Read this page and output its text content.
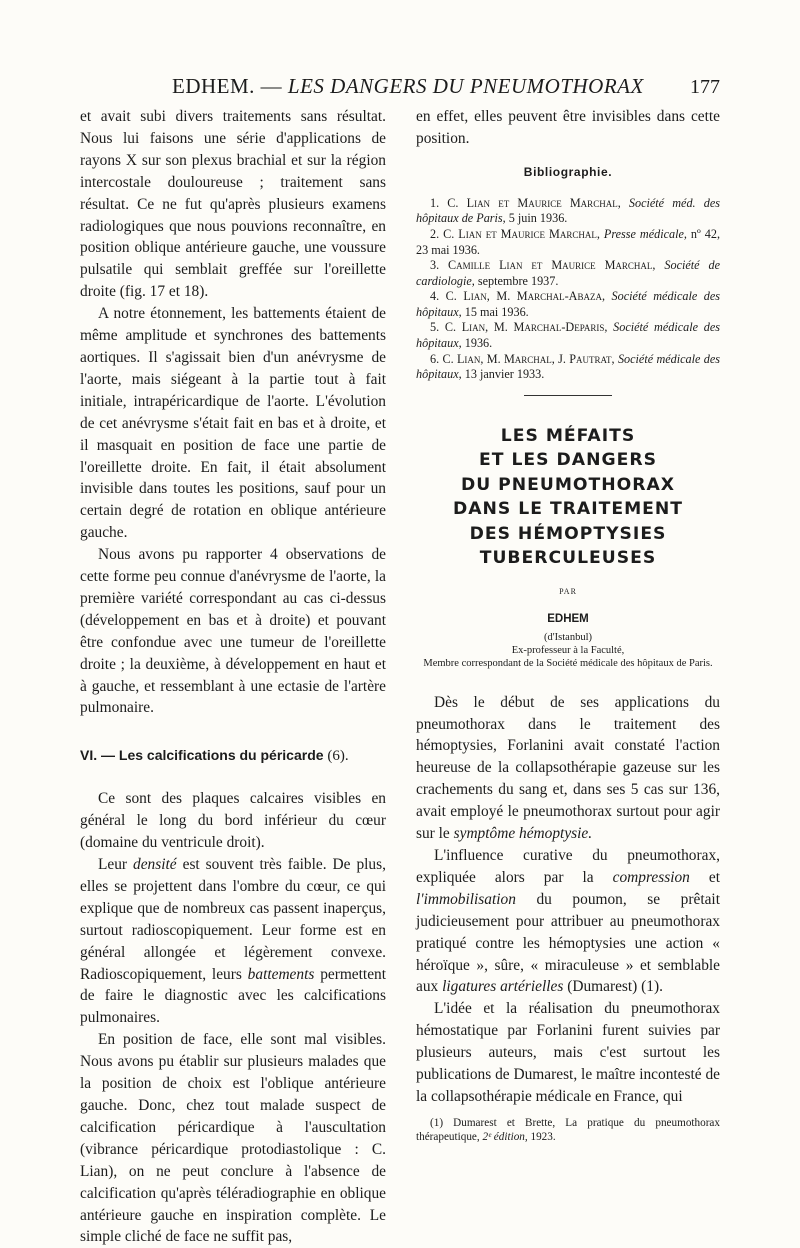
EDHEM. — LES DANGERS DU PNEUMOTHORAX 177

et avait subi divers traitements sans résultat. Nous lui faisons une série d'applications de rayons X sur son plexus brachial et sur la région intercostale douloureuse ; traitement sans résultat. Ce ne fut qu'après plusieurs examens radiologiques que nous pouvions reconnaître, en position oblique antérieure gauche, une voussure pulsatile qui semblait greffée sur l'oreillette droite (fig. 17 et 18).

A notre étonnement, les battements étaient de même amplitude et synchrones des battements aortiques. Il s'agissait bien d'un anévrysme de l'aorte, mais siégeant à la partie tout à fait initiale, intrapéricardique de l'aorte. L'évolution de cet anévrysme s'était fait en bas et à droite, et il masquait en position de face une partie de l'oreillette droite. En fait, il était absolument invisible dans toutes les positions, sauf pour un certain degré de rotation en oblique antérieure gauche.

Nous avons pu rapporter 4 observations de cette forme peu connue d'anévrysme de l'aorte, la première variété correspondant au cas ci-dessus (développement en bas et à droite) et pouvant être confondue avec une tumeur de l'oreillette droite ; la deuxième, à développement en haut et à gauche, et ressemblant à une ectasie de l'artère pulmonaire.

VI. — Les calcifications du péricarde (6).

Ce sont des plaques calcaires visibles en général le long du bord inférieur du cœur (domaine du ventricule droit).

Leur densité est souvent très faible. De plus, elles se projettent dans l'ombre du cœur, ce qui explique que de nombreux cas passent inaperçus, surtout radioscopiquement. Leur forme est en général allongée et légèrement convexe. Radioscopiquement, leurs battements permettent de faire le diagnostic avec les calcifications pulmonaires.

En position de face, elle sont mal visibles. Nous avons pu établir sur plusieurs malades que la position de choix est l'oblique antérieure gauche. Donc, chez tout malade suspect de calcification péricardique à l'auscultation (vibrance péricardique protodiastolique : C. Lian), on ne peut conclure à l'absence de calcification qu'après téléradiographie en oblique antérieure gauche en inspiration complète. Le simple cliché de face ne suffit pas,

en effet, elles peuvent être invisibles dans cette position.

Bibliographie.
1. C. Lian et Maurice Marchal, Société méd. des hôpitaux de Paris, 5 juin 1936.
2. C. Lian et Maurice Marchal, Presse médicale, nº 42, 23 mai 1936.
3. Camille Lian et Maurice Marchal, Société de cardiologie, septembre 1937.
4. C. Lian, M. Marchal-Abaza, Société médicale des hôpitaux, 15 mai 1936.
5. C. Lian, M. Marchal-Deparis, Société médicale des hôpitaux, 1936.
6. C. Lian, M. Marchal, J. Pautrat, Société médicale des hôpitaux, 13 janvier 1933.
LES MÉFAITS
ET LES DANGERS
DU PNEUMOTHORAX
DANS LE TRAITEMENT
DES HÉMOPTYSIES
TUBERCULEUSES
PAR
EDHEM
(d'Istanbul)
Ex-professeur à la Faculté,
Membre correspondant de la Société médicale des hôpitaux de Paris.

Dès le début de ses applications du pneumothorax dans le traitement des hémoptysies, Forlanini avait constaté l'action heureuse de la collapsothérapie gazeuse sur les crachements du sang et, dans ses 5 cas sur 136, avait employé le pneumothorax surtout pour agir sur le symptôme hémoptysie.

L'influence curative du pneumothorax, expliquée alors par la compression et l'immobilisation du poumon, se prêtait judicieusement pour attribuer au pneumothorax pratiqué contre les hémoptysies une action « héroïque », sûre, « miraculeuse » et semblable aux ligatures artérielles (Dumarest) (1).

L'idée et la réalisation du pneumothorax hémostatique par Forlanini furent suivies par plusieurs auteurs, mais c'est surtout les publications de Dumarest, le maître incontesté de la collapsothérapie médicale en France, qui

(1) Dumarest et Brette, La pratique du pneumothorax thérapeutique, 2ᵉ édition, 1923.
